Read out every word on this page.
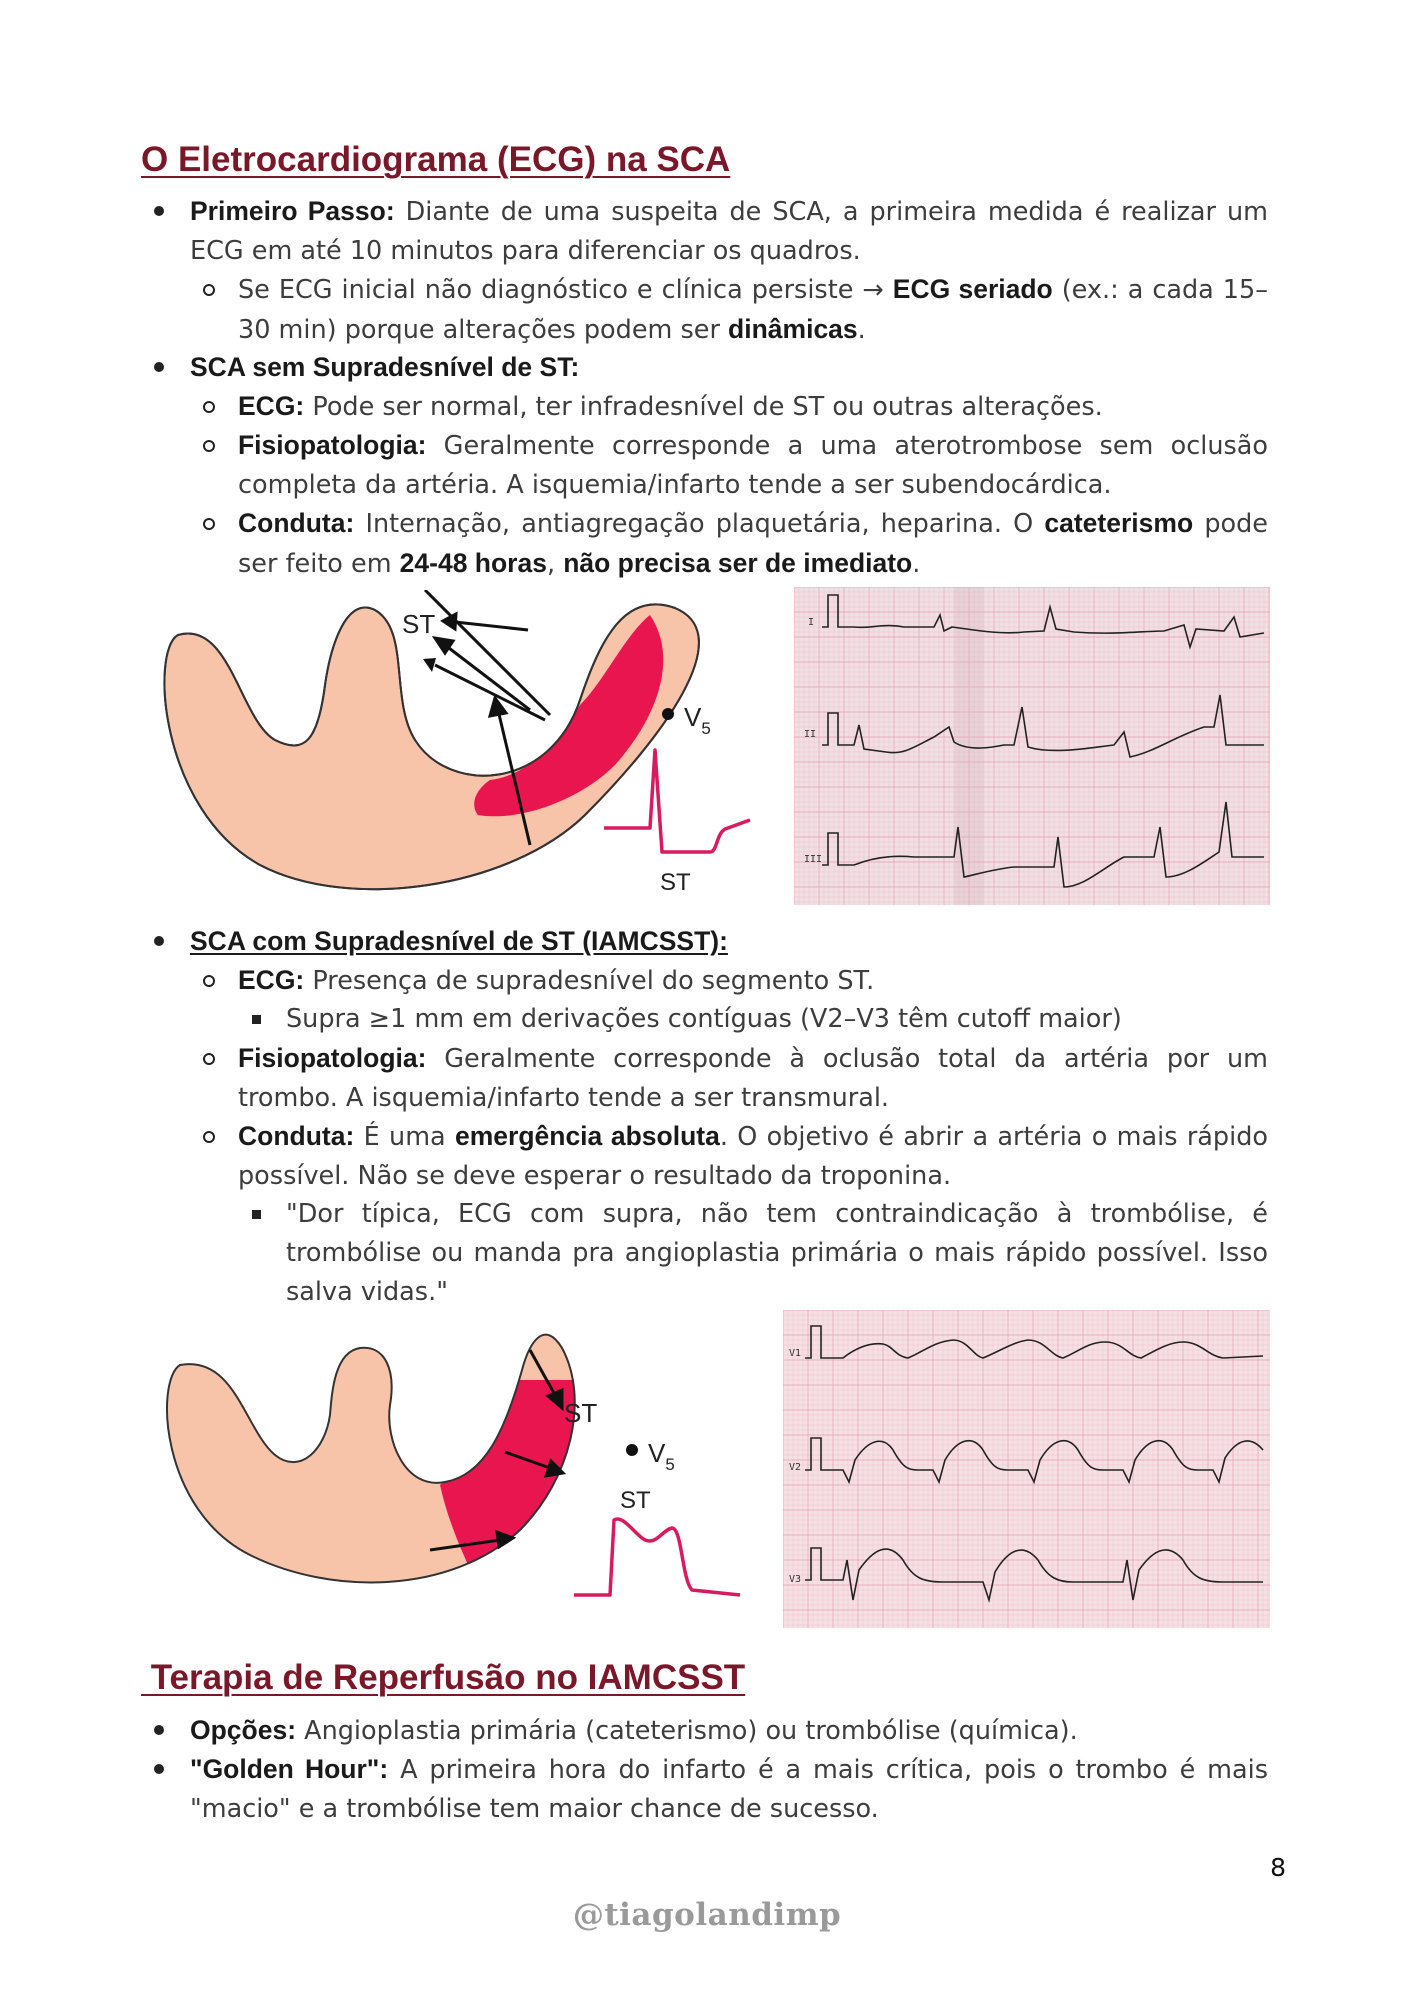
O Eletrocardiograma (ECG) na SCA
Primeiro Passo: Diante de uma suspeita de SCA, a primeira medida é realizar um ECG em até 10 minutos para diferenciar os quadros.
Se ECG inicial não diagnóstico e clínica persiste → ECG seriado (ex.: a cada 15–30 min) porque alterações podem ser dinâmicas.
SCA sem Supradesnível de ST:
ECG: Pode ser normal, ter infradesnível de ST ou outras alterações.
Fisiopatologia: Geralmente corresponde a uma aterotrombose sem oclusão completa da artéria. A isquemia/infarto tende a ser subendocárdica.
Conduta: Internação, antiagregação plaquetária, heparina. O cateterismo pode ser feito em 24-48 horas, não precisa ser de imediato.
ST
$V_5$
ST
I
II
III
SCA com Supradesnível de ST (IAMCSST):
ECG: Presença de supradesnível do segmento ST.
Supra ≥1 mm em derivações contíguas (V2–V3 têm cutoff maior)
Fisiopatologia: Geralmente corresponde à oclusão total da artéria por um trombo. A isquemia/infarto tende a ser transmural.
Conduta: É uma emergência absoluta. O objetivo é abrir a artéria o mais rápido possível. Não se deve esperar o resultado da troponina.
"Dor típica, ECG com supra, não tem contraindicação à trombólise, é trombólise ou manda pra angioplastia primária o mais rápido possível. Isso salva vidas."
ST
$V_5$
ST
V1
V2
V3
Terapia de Reperfusão no IAMCSST
Opções: Angioplastia primária (cateterismo) ou trombólise (química).
"Golden Hour": A primeira hora do infarto é a mais crítica, pois o trombo é mais "macio" e a trombólise tem maior chance de sucesso.
8
@tiagolandimp
